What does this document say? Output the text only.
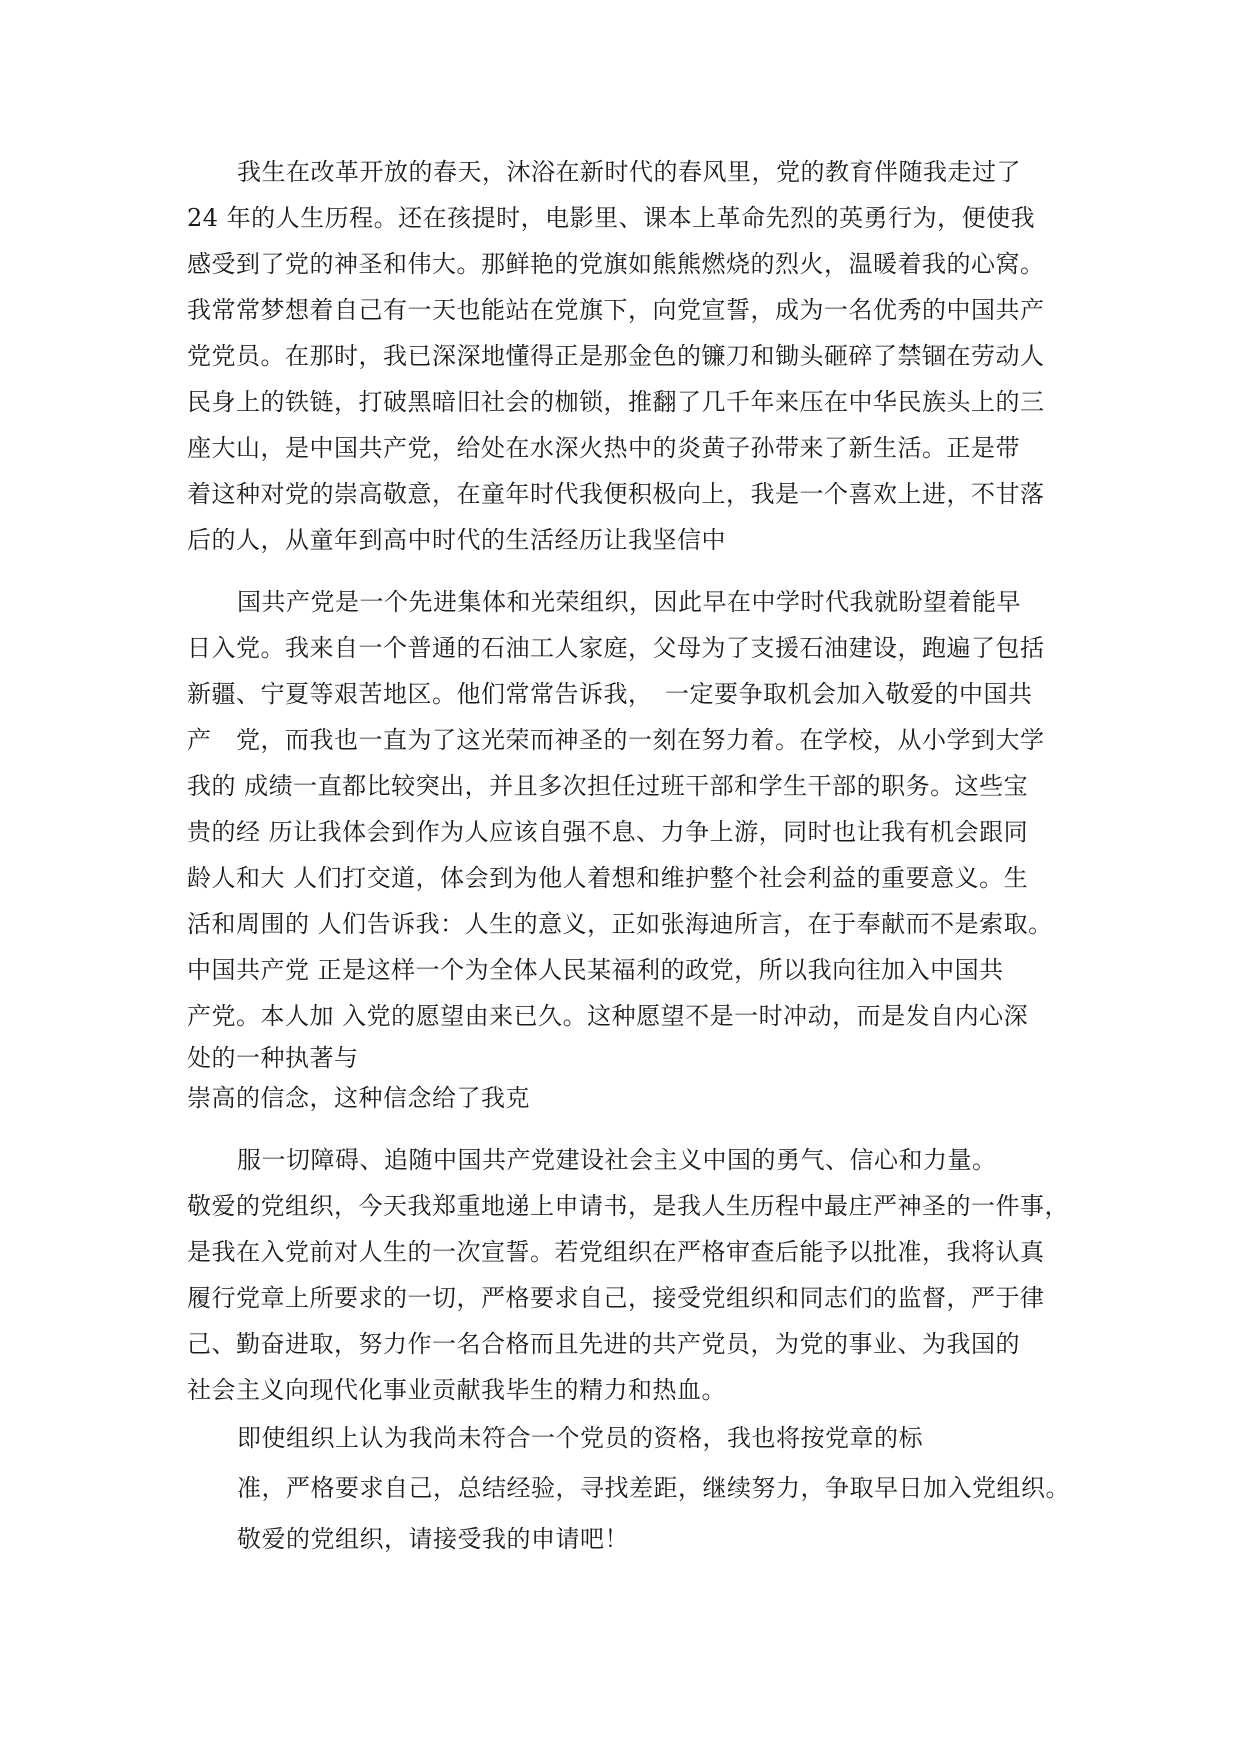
我生在改革开放的春天，沐浴在新时代的春风里，党的教育伴随我走过了
24 年的人生历程。还在孩提时，电影里、课本上革命先烈的英勇行为，便使我
感受到了党的神圣和伟大。那鲜艳的党旗如熊熊燃烧的烈火，温暖着我的心窝。
我常常梦想着自己有一天也能站在党旗下，向党宣誓，成为一名优秀的中国共产
党党员。在那时，我已深深地懂得正是那金色的镰刀和锄头砸碎了禁锢在劳动人
民身上的铁链，打破黑暗旧社会的枷锁，推翻了几千年来压在中华民族头上的三
座大山，是中国共产党，给处在水深火热中的炎黄子孙带来了新生活。正是带
着这种对党的崇高敬意，在童年时代我便积极向上，我是一个喜欢上进，不甘落
后的人，从童年到高中时代的生活经历让我坚信中
国共产党是一个先进集体和光荣组织，因此早在中学时代我就盼望着能早
日入党。我来自一个普通的石油工人家庭，父母为了支援石油建设，跑遍了包括
新疆、宁夏等艰苦地区。他们常常告诉我，　一定要争取机会加入敬爱的中国共
产　党，而我也一直为了这光荣而神圣的一刻在努力着。在学校，从小学到大学
我的 成绩一直都比较突出，并且多次担任过班干部和学生干部的职务。这些宝
贵的经 历让我体会到作为人应该自强不息、力争上游，同时也让我有机会跟同
龄人和大 人们打交道，体会到为他人着想和维护整个社会利益的重要意义。生
活和周围的 人们告诉我：人生的意义，正如张海迪所言，在于奉献而不是索取。
中国共产党 正是这样一个为全体人民某福利的政党，所以我向往加入中国共
产党。本人加 入党的愿望由来已久。这种愿望不是一时冲动，而是发自内心深
处的一种执著与
崇高的信念，这种信念给了我克
服一切障碍、追随中国共产党建设社会主义中国的勇气、信心和力量。
敬爱的党组织，今天我郑重地递上申请书，是我人生历程中最庄严神圣的一件事，
是我在入党前对人生的一次宣誓。若党组织在严格审查后能予以批准，我将认真
履行党章上所要求的一切，严格要求自己，接受党组织和同志们的监督，严于律
己、勤奋进取，努力作一名合格而且先进的共产党员，为党的事业、为我国的
社会主义向现代化事业贡献我毕生的精力和热血。
即使组织上认为我尚未符合一个党员的资格，我也将按党章的标
准，严格要求自己，总结经验，寻找差距，继续努力，争取早日加入党组织。
敬爱的党组织，请接受我的申请吧！
